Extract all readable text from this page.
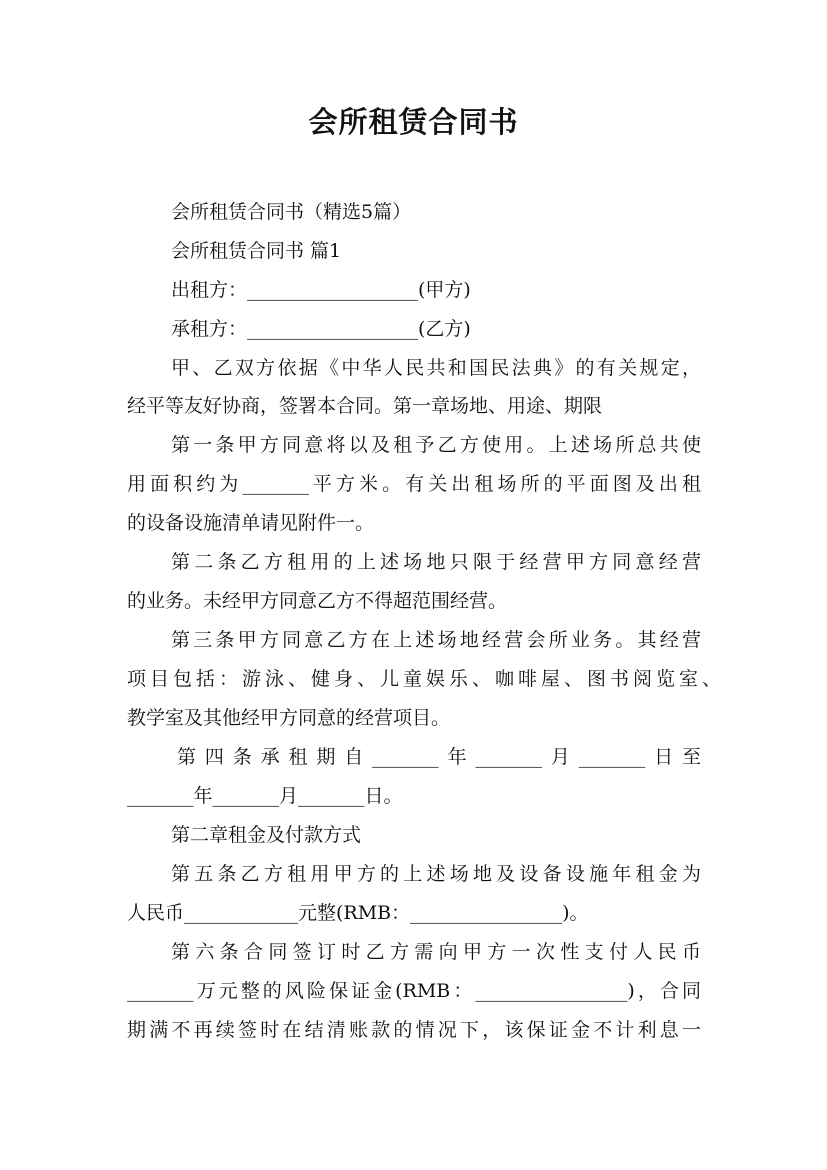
会所租赁合同书
会所租赁合同书（精选5篇）
会所租赁合同书 篇1
出租方：__________________(甲方)
承租方：__________________(乙方)
甲、乙双方依据《中华人民共和国民法典》的有关规定，
经平等友好协商，签署本合同。第一章场地、用途、期限
第一条甲方同意将以及租予乙方使用。上述场所总共使
用面积约为_______平方米。有关出租场所的平面图及出租
的设备设施清单请见附件一。
第二条乙方租用的上述场地只限于经营甲方同意经营
的业务。未经甲方同意乙方不得超范围经营。
第三条甲方同意乙方在上述场地经营会所业务。其经营
项目包括：游泳、健身、儿童娱乐、咖啡屋、图书阅览室、
教学室及其他经甲方同意的经营项目。
第四条承租期自_______年_______月_______日至
_______年_______月_______日。
第二章租金及付款方式
第五条乙方租用甲方的上述场地及设备设施年租金为
人民币____________元整(RMB：________________)。
第六条合同签订时乙方需向甲方一次性支付人民币
_______万元整的风险保证金(RMB：________________)，合同
期满不再续签时在结清账款的情况下，该保证金不计利息一
